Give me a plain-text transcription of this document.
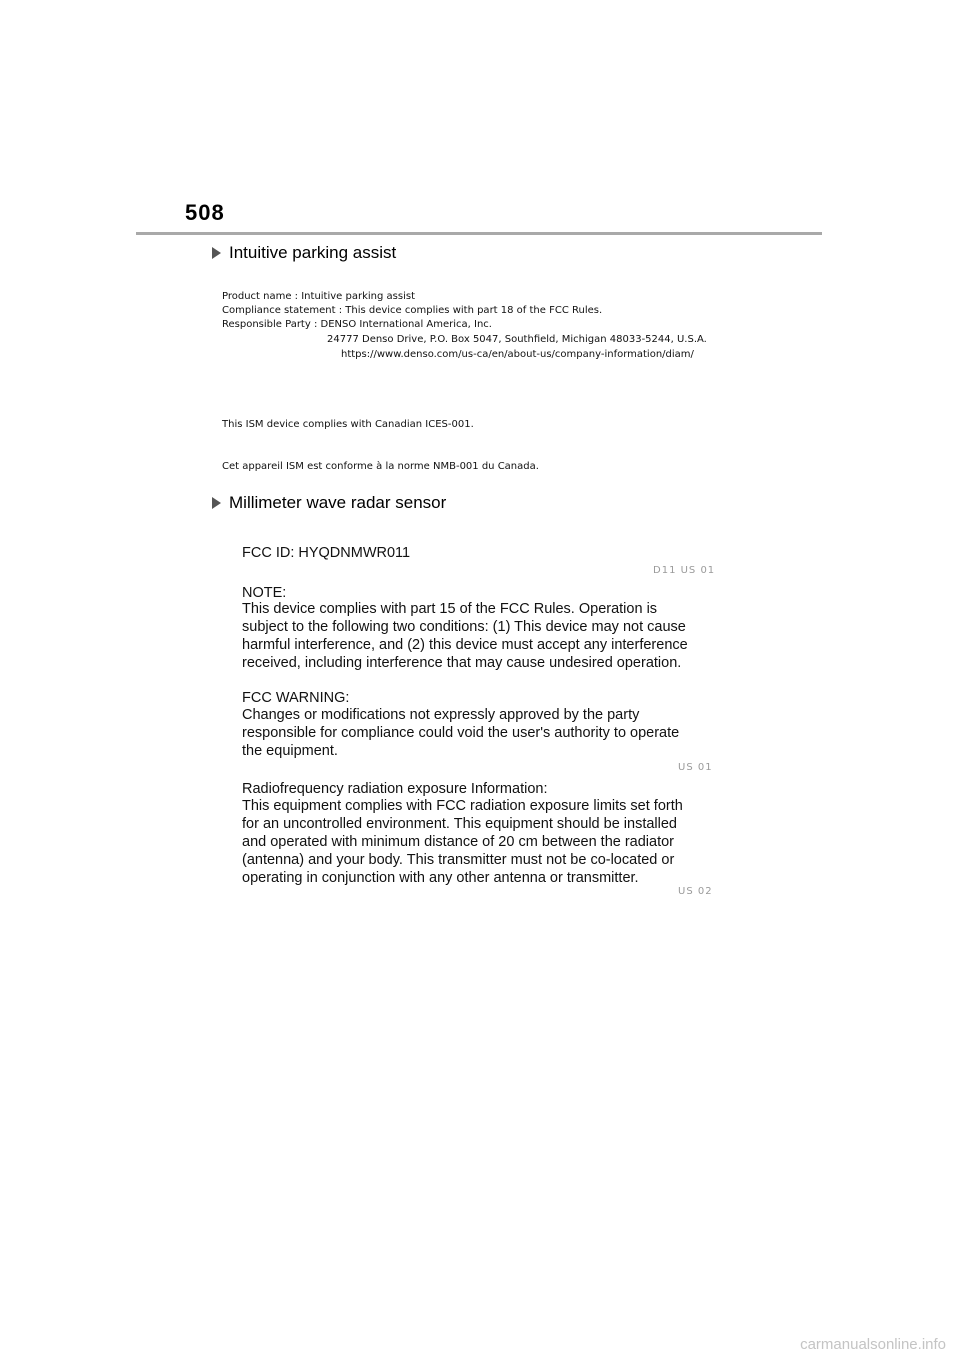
508
Intuitive parking assist
Product name : Intuitive parking assist
Compliance statement : This device complies with part 18 of the FCC Rules.
Responsible Party : DENSO International America, Inc.
24777 Denso Drive, P.O. Box 5047, Southfield, Michigan 48033-5244, U.S.A.
https://www.denso.com/us-ca/en/about-us/company-information/diam/
This ISM device complies with Canadian ICES-001.
Cet appareil ISM est conforme à la norme NMB-001 du Canada.
Millimeter wave radar sensor
FCC ID: HYQDNMWR011
D11 US 01
NOTE:
This device complies with part 15 of the FCC Rules. Operation is
subject to the following two conditions: (1) This device may not cause
harmful interference, and (2) this device must accept any interference
received, including interference that may cause undesired operation.
FCC WARNING:
Changes or modifications not expressly approved by the party
responsible for compliance could void the user's authority to operate
the equipment.
US 01
Radiofrequency radiation exposure Information:
This equipment complies with FCC radiation exposure limits set forth
for an uncontrolled environment. This equipment should be installed
and operated with minimum distance of 20 cm between the radiator
(antenna) and your body. This transmitter must not be co-located or
operating in conjunction with any other antenna or transmitter.
US 02
carmanualsonline.info
